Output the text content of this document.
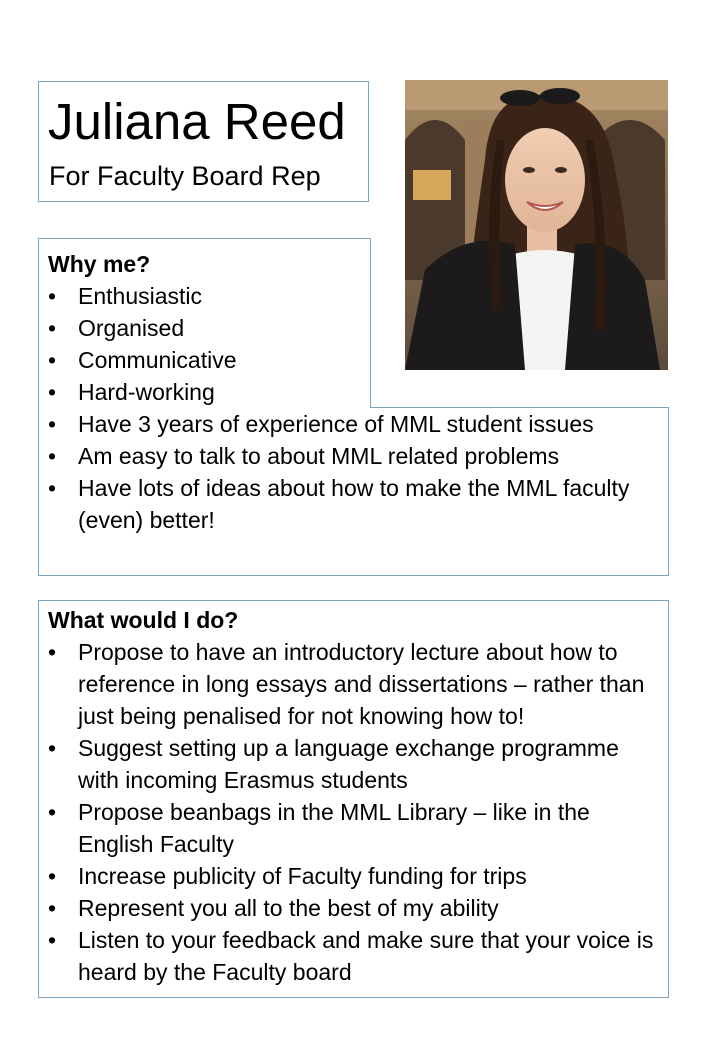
Juliana Reed
For Faculty Board Rep
Why me?
• Enthusiastic
• Organised
• Communicative
• Hard-working
• Have 3 years of experience of MML student issues
• Am easy to talk to about MML related problems
• Have lots of ideas about how to make the MML faculty (even) better!
What would I do?
• Propose to have an introductory lecture about how to reference in long essays and dissertations – rather than just being penalised for not knowing how to!
• Suggest setting up a language exchange programme with incoming Erasmus students
• Propose beanbags in the MML Library – like in the English Faculty
• Increase publicity of Faculty funding for trips
• Represent you all to the best of my ability
• Listen to your feedback and make sure that your voice is heard by the Faculty board
